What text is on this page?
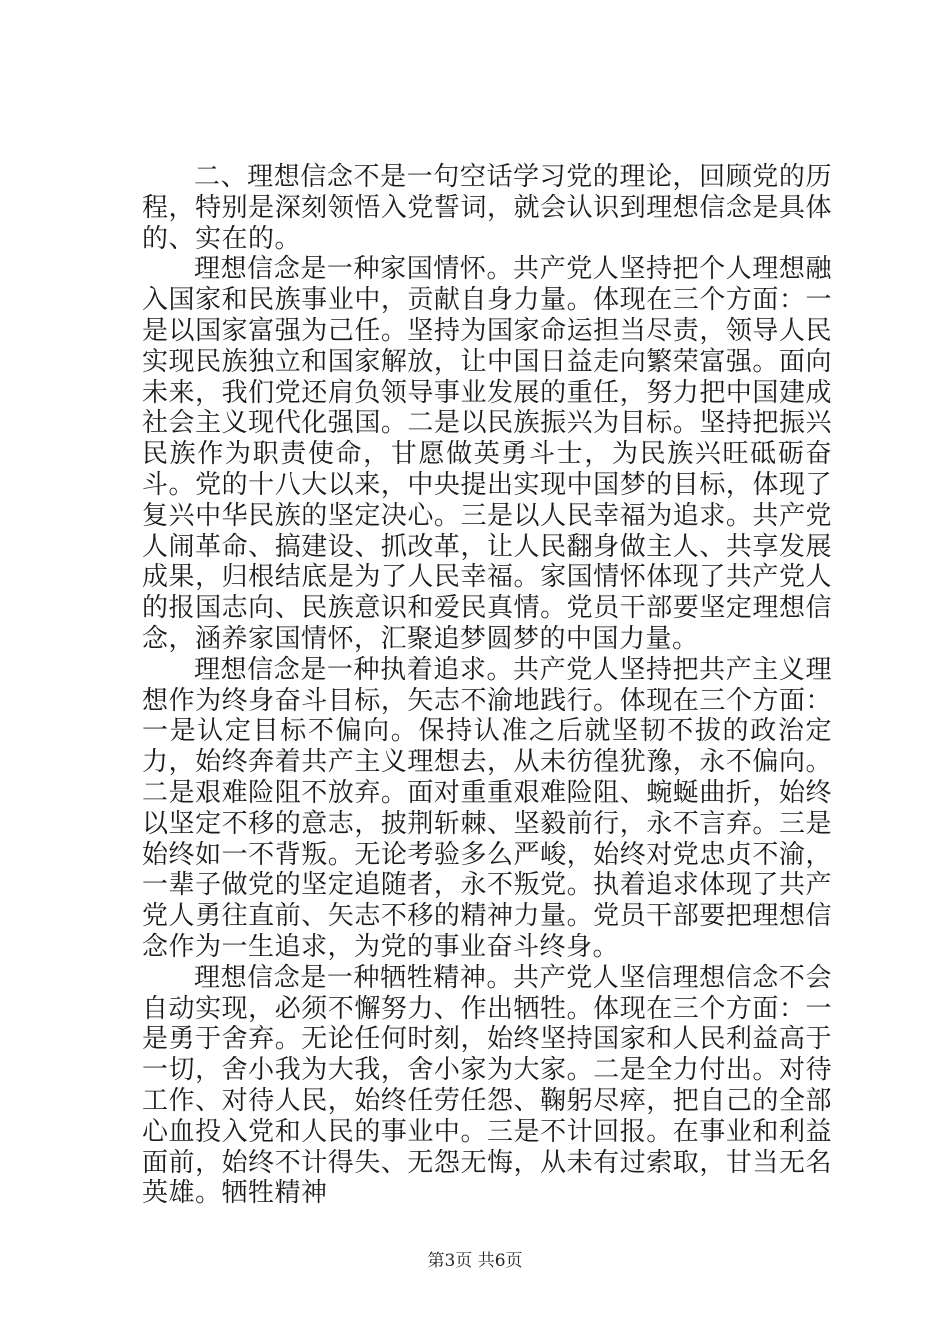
二、理想信念不是一句空话学习党的理论，回顾党的历程，特别是深刻领悟入党誓词，就会认识到理想信念是具体的、实在的。

理想信念是一种家国情怀。共产党人坚持把个人理想融入国家和民族事业中，贡献自身力量。体现在三个方面：一是以国家富强为己任。坚持为国家命运担当尽责，领导人民实现民族独立和国家解放，让中国日益走向繁荣富强。面向未来，我们党还肩负领导事业发展的重任，努力把中国建成社会主义现代化强国。二是以民族振兴为目标。坚持把振兴民族作为职责使命，甘愿做英勇斗士，为民族兴旺砥砺奋斗。党的十八大以来，中央提出实现中国梦的目标，体现了复兴中华民族的坚定决心。三是以人民幸福为追求。共产党人闹革命、搞建设、抓改革，让人民翻身做主人、共享发展成果，归根结底是为了人民幸福。家国情怀体现了共产党人的报国志向、民族意识和爱民真情。党员干部要坚定理想信念，涵养家国情怀，汇聚追梦圆梦的中国力量。

理想信念是一种执着追求。共产党人坚持把共产主义理想作为终身奋斗目标，矢志不渝地践行。体现在三个方面：一是认定目标不偏向。保持认准之后就坚韧不拔的政治定力，始终奔着共产主义理想去，从未彷徨犹豫，永不偏向。二是艰难险阻不放弃。面对重重艰难险阻、蜿蜒曲折，始终以坚定不移的意志，披荆斩棘、坚毅前行，永不言弃。三是始终如一不背叛。无论考验多么严峻，始终对党忠贞不渝，一辈子做党的坚定追随者，永不叛党。执着追求体现了共产党人勇往直前、矢志不移的精神力量。党员干部要把理想信念作为一生追求，为党的事业奋斗终身。

理想信念是一种牺牲精神。共产党人坚信理想信念不会自动实现，必须不懈努力、作出牺牲。体现在三个方面：一是勇于舍弃。无论任何时刻，始终坚持国家和人民利益高于一切，舍小我为大我，舍小家为大家。二是全力付出。对待工作、对待人民，始终任劳任怨、鞠躬尽瘁，把自己的全部心血投入党和人民的事业中。三是不计回报。在事业和利益面前，始终不计得失、无怨无悔，从未有过索取，甘当无名英雄。牺牲精神

第3页 共6页
